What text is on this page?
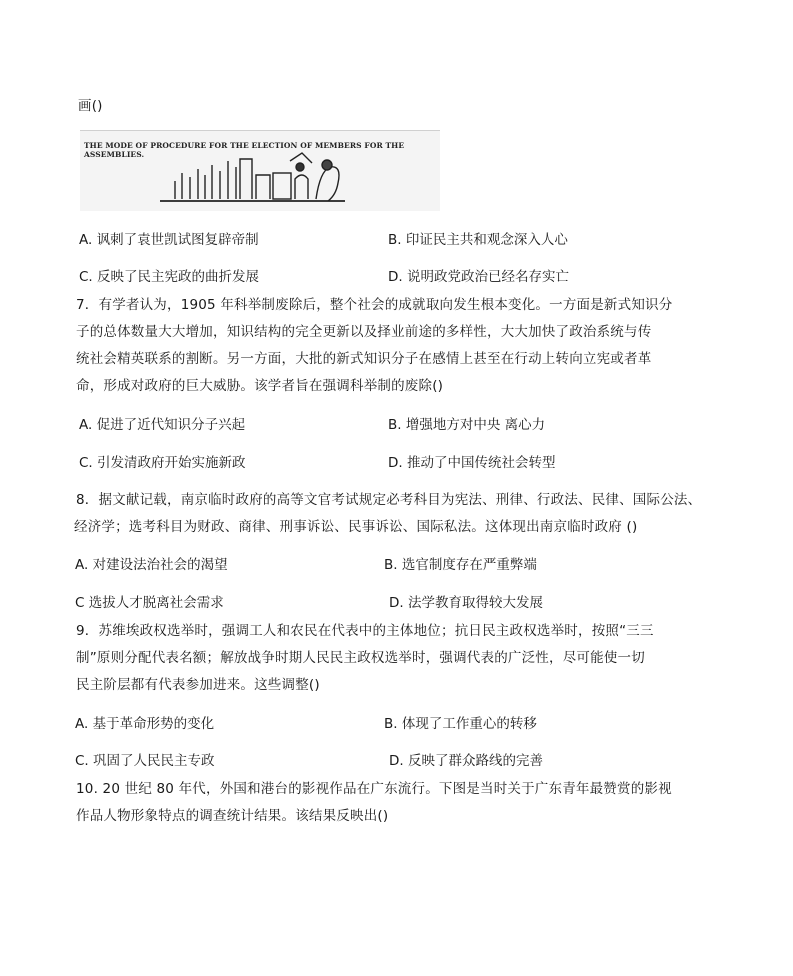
画()
THE MODE OF PROCEDURE FOR THE ELECTION OF MEMBERS FOR THE ASSEMBLIES.
A. 讽刺了袁世凯试图复辟帝制	B. 印证民主共和观念深入人心
C. 反映了民主宪政的曲折发展	D. 说明政党政治已经名存实亡
7．有学者认为，1905 年科举制废除后，整个社会的成就取向发生根本变化。一方面是新式知识分
子的总体数量大大增加，知识结构的完全更新以及择业前途的多样性，大大加快了政治系统与传
统社会精英联系的割断。另一方面，大批的新式知识分子在感情上甚至在行动上转向立宪或者革
命，形成对政府的巨大威胁。该学者旨在强调科举制的废除()
A. 促进了近代知识分子兴起	B. 增强地方对中央 离心力
C. 引发清政府开始实施新政	D. 推动了中国传统社会转型
8．据文献记载，南京临时政府的高等文官考试规定必考科目为宪法、刑律、行政法、民律、国际公法、
经济学；选考科目为财政、商律、刑事诉讼、民事诉讼、国际私法。这体现出南京临时政府 ()
A. 对建设法治社会的渴望	B. 选官制度存在严重弊端
C 选拔人才脱离社会需求	D. 法学教育取得较大发展
9．苏维埃政权选举时，强调工人和农民在代表中的主体地位；抗日民主政权选举时，按照“三三
制”原则分配代表名额；解放战争时期人民民主政权选举时，强调代表的广泛性，尽可能使一切
民主阶层都有代表参加进来。这些调整()
A. 基于革命形势的变化	B. 体现了工作重心的转移
C. 巩固了人民民主专政	D. 反映了群众路线的完善
10. 20 世纪 80 年代，外国和港台的影视作品在广东流行。下图是当时关于广东青年最赞赏的影视
作品人物形象特点的调查统计结果。该结果反映出()
